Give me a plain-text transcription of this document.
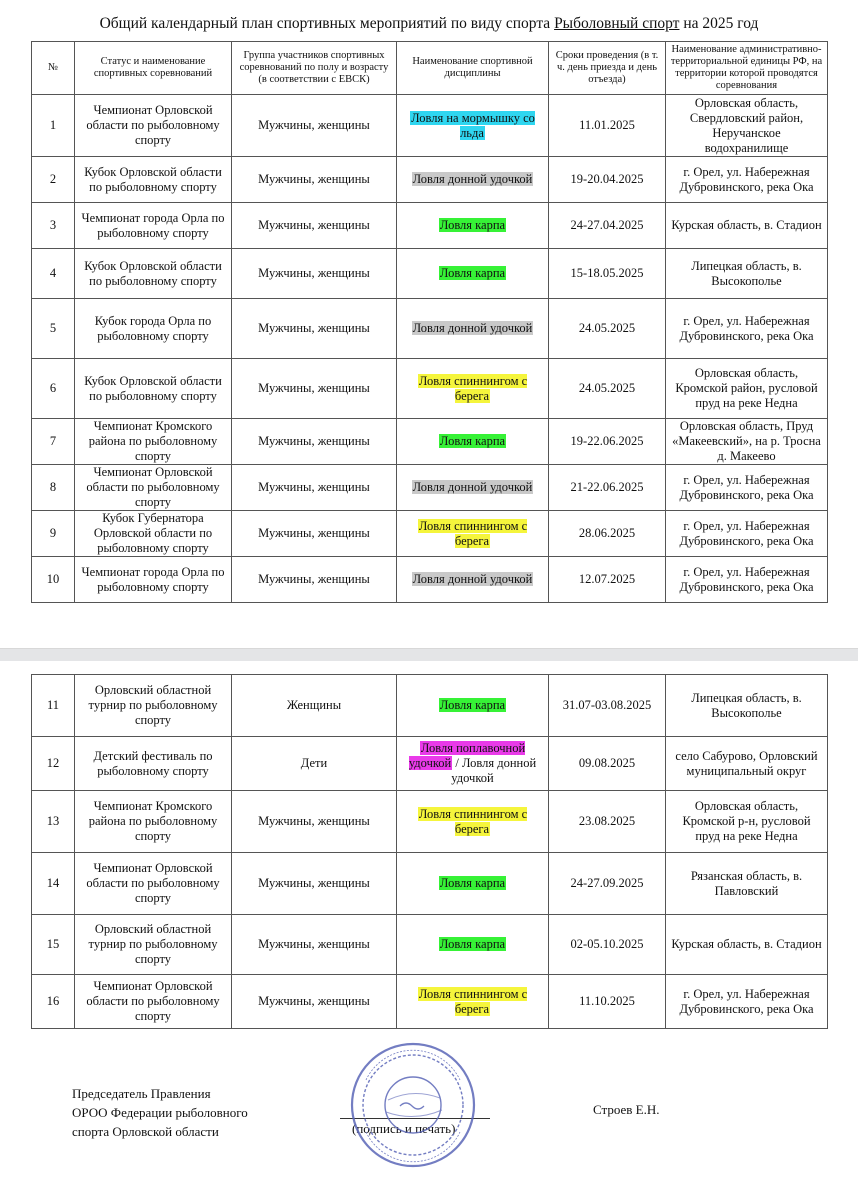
Общий календарный план спортивных мероприятий по виду спорта Рыболовный спорт на 2025 год
№	Статус и наименование спортивных соревнований	Группа участников спортивных соревнований по полу и возрасту (в соответствии с ЕВСК)	Наименование спортивной дисциплины	Сроки проведения (в т. ч. день приезда и день отъезда)	Наименование административно-территориальной единицы РФ, на территории которой проводятся соревнования
1	Чемпионат Орловской области по рыболовному спорту	Мужчины, женщины	Ловля на мормышку со льда	11.01.2025	Орловская область, Свердловский район, Неручанское водохранилище
2	Кубок Орловской области по рыболовному спорту	Мужчины, женщины	Ловля донной удочкой	19-20.04.2025	г. Орел, ул. Набережная Дубровинского, река Ока
3	Чемпионат города Орла по рыболовному спорту	Мужчины, женщины	Ловля карпа	24-27.04.2025	Курская область, в. Стадион
4	Кубок Орловской области по рыболовному спорту	Мужчины, женщины	Ловля карпа	15-18.05.2025	Липецкая область, в. Высокополье
5	Кубок города Орла по рыболовному спорту	Мужчины, женщины	Ловля донной удочкой	24.05.2025	г. Орел, ул. Набережная Дубровинского, река Ока
6	Кубок Орловской области по рыболовному спорту	Мужчины, женщины	Ловля спиннингом с берега	24.05.2025	Орловская область, Кромской район, русловой пруд на реке Недна
7	Чемпионат Кромского района по рыболовному спорту	Мужчины, женщины	Ловля карпа	19-22.06.2025	Орловская область, Пруд «Макеевский», на р. Тросна д. Макеево
8	Чемпионат Орловской области по рыболовному спорту	Мужчины, женщины	Ловля донной удочкой	21-22.06.2025	г. Орел, ул. Набережная Дубровинского, река Ока
9	Кубок Губернатора Орловской области по рыболовному спорту	Мужчины, женщины	Ловля спиннингом с берега	28.06.2025	г. Орел, ул. Набережная Дубровинского, река Ока
10	Чемпионат города Орла по рыболовному спорту	Мужчины, женщины	Ловля донной удочкой	12.07.2025	г. Орел, ул. Набережная Дубровинского, река Ока
11	Орловский областной турнир по рыболовному спорту	Женщины	Ловля карпа	31.07-03.08.2025	Липецкая область, в. Высокополье
12	Детский фестиваль по рыболовному спорту	Дети	Ловля поплавочной удочкой / Ловля донной удочкой	09.08.2025	село Сабурово, Орловский муниципальный округ
13	Чемпионат Кромского района по рыболовному спорту	Мужчины, женщины	Ловля спиннингом с берега	23.08.2025	Орловская область, Кромской р-н, русловой пруд на реке Недна
14	Чемпионат Орловской области по рыболовному спорту	Мужчины, женщины	Ловля карпа	24-27.09.2025	Рязанская область, в. Павловский
15	Орловский областной турнир по рыболовному спорту	Мужчины, женщины	Ловля карпа	02-05.10.2025	Курская область, в. Стадион
16	Чемпионат Орловской области по рыболовному спорту	Мужчины, женщины	Ловля спиннингом с берега	11.10.2025	г. Орел, ул. Набережная Дубровинского, река Ока
Председатель Правления
ОРОО Федерации рыболовного
спорта Орловской области	(подпись и печать)
Строев Е.Н.
